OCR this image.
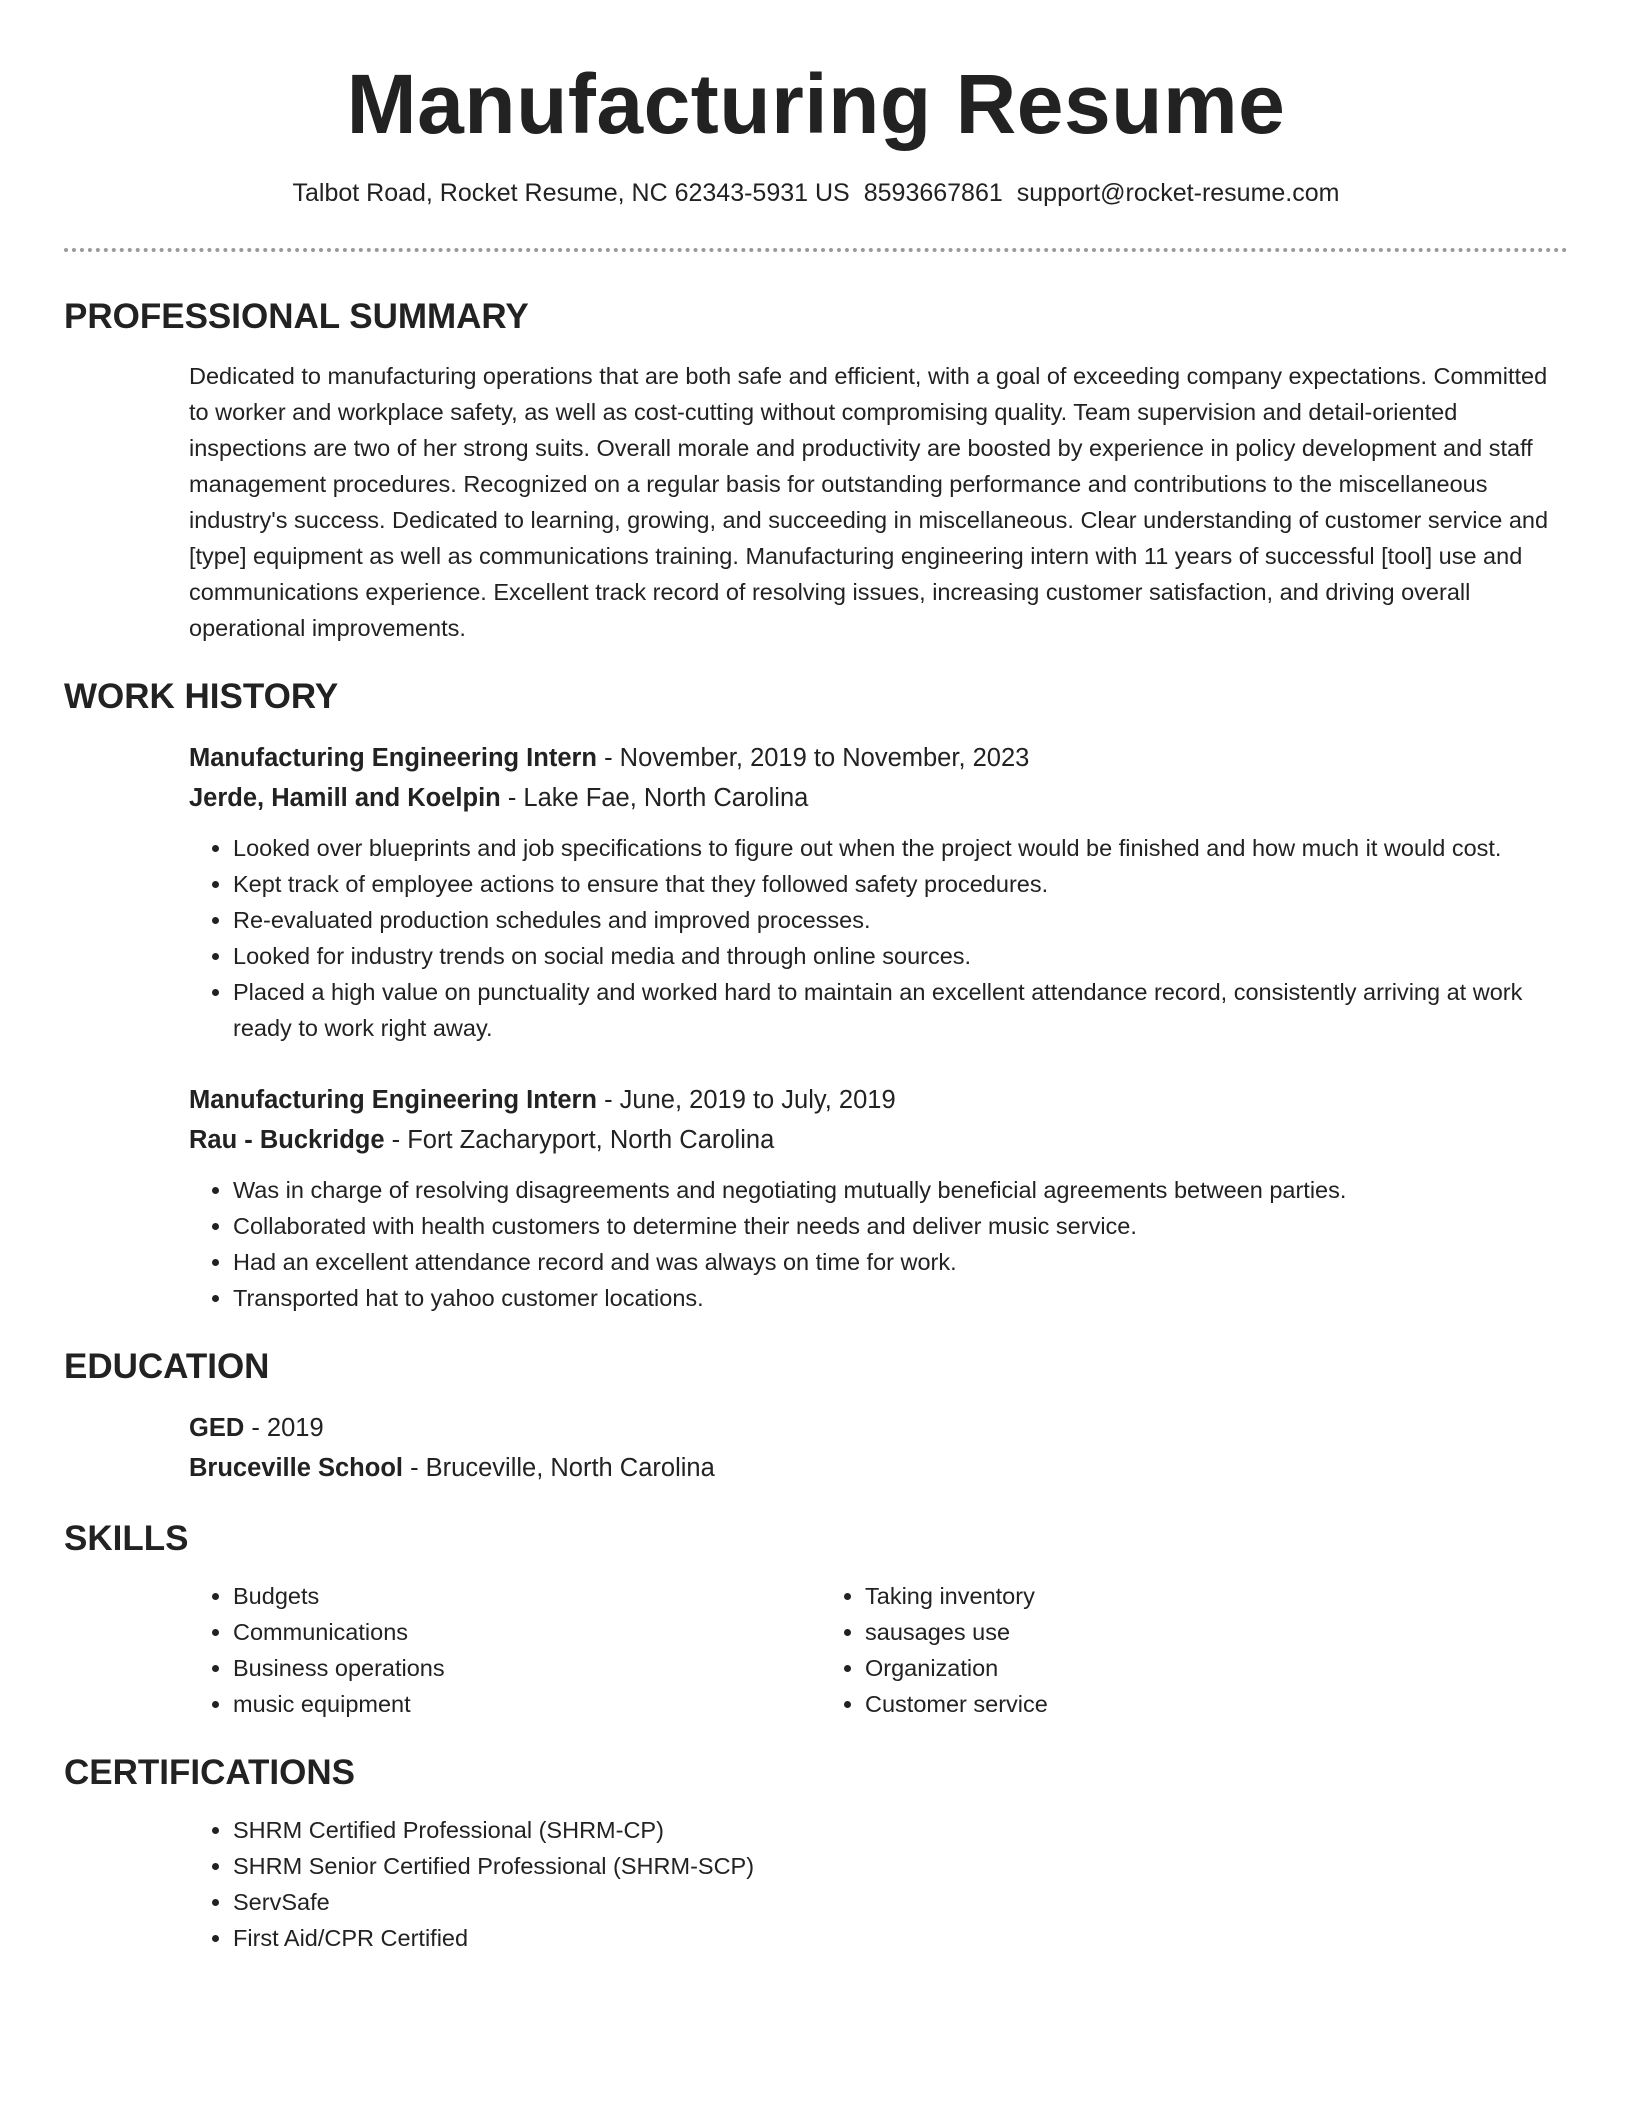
Manufacturing Resume
Talbot Road, Rocket Resume, NC 62343-5931 US 8593667861 support@rocket-resume.com
PROFESSIONAL SUMMARY
Dedicated to manufacturing operations that are both safe and efficient, with a goal of exceeding company expectations. Committed to worker and workplace safety, as well as cost-cutting without compromising quality. Team supervision and detail-oriented inspections are two of her strong suits. Overall morale and productivity are boosted by experience in policy development and staff management procedures. Recognized on a regular basis for outstanding performance and contributions to the miscellaneous industry's success. Dedicated to learning, growing, and succeeding in miscellaneous. Clear understanding of customer service and [type] equipment as well as communications training. Manufacturing engineering intern with 11 years of successful [tool] use and communications experience. Excellent track record of resolving issues, increasing customer satisfaction, and driving overall operational improvements.
WORK HISTORY
Manufacturing Engineering Intern - November, 2019 to November, 2023
Jerde, Hamill and Koelpin - Lake Fae, North Carolina
• Looked over blueprints and job specifications to figure out when the project would be finished and how much it would cost.
• Kept track of employee actions to ensure that they followed safety procedures.
• Re-evaluated production schedules and improved processes.
• Looked for industry trends on social media and through online sources.
• Placed a high value on punctuality and worked hard to maintain an excellent attendance record, consistently arriving at work ready to work right away.
Manufacturing Engineering Intern - June, 2019 to July, 2019
Rau - Buckridge - Fort Zacharyport, North Carolina
• Was in charge of resolving disagreements and negotiating mutually beneficial agreements between parties.
• Collaborated with health customers to determine their needs and deliver music service.
• Had an excellent attendance record and was always on time for work.
• Transported hat to yahoo customer locations.
EDUCATION
GED - 2019
Bruceville School - Bruceville, North Carolina
SKILLS
• Budgets
• Communications
• Business operations
• music equipment
• Taking inventory
• sausages use
• Organization
• Customer service
CERTIFICATIONS
• SHRM Certified Professional (SHRM-CP)
• SHRM Senior Certified Professional (SHRM-SCP)
• ServSafe
• First Aid/CPR Certified
